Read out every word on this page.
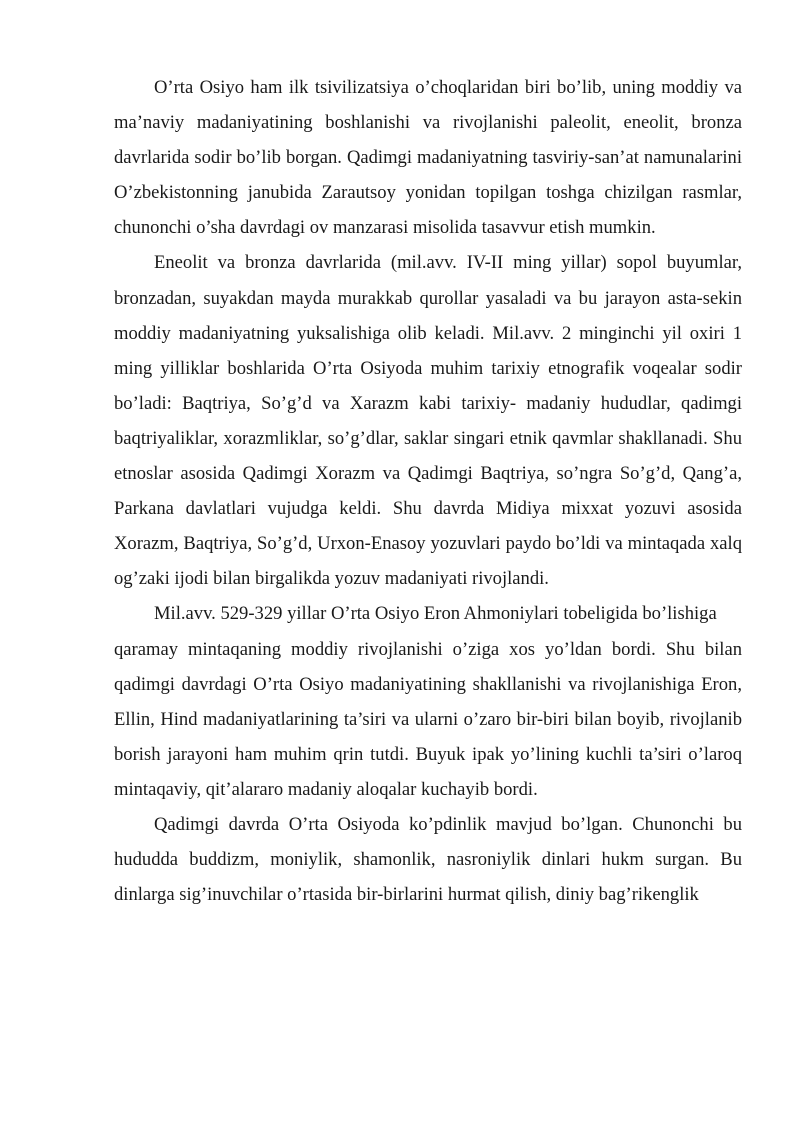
O’rta Osiyo ham ilk tsivilizatsiya o’choqlaridan biri bo’lib, uning moddiy va ma’naviy madaniyatining boshlanishi va rivojlanishi paleolit, eneolit, bronza davrlarida sodir bo’lib borgan. Qadimgi madaniyatning tasviriy-san’at namunalarini O’zbekistonning janubida Zarautsoy yonidan topilgan toshga chizilgan rasmlar, chunonchi o’sha davrdagi ov manzarasi misolida tasavvur etish mumkin.

Eneolit va bronza davrlarida (mil.avv. IV-II ming yillar) sopol buyumlar, bronzadan, suyakdan mayda murakkab qurollar yasaladi va bu jarayon asta-sekin moddiy madaniyatning yuksalishiga olib keladi. Mil.avv. 2 minginchi yil oxiri 1 ming yilliklar boshlarida O’rta Osiyoda muhim tarixiy etnografik voqealar sodir bo’ladi: Baqtriya, So’g’d va Xarazm kabi tarixiy- madaniy hududlar, qadimgi baqtriyaliklar, xorazmliklar, so’g’dlar, saklar singari etnik qavmlar shakllanadi. Shu etnoslar asosida Qadimgi Xorazm va Qadimgi Baqtriya, so’ngra So’g’d, Qang’a, Parkana davlatlari vujudga keldi. Shu davrda Midiya mixxat yozuvi asosida Xorazm, Baqtriya, So’g’d, Urxon-Enasoy yozuvlari paydo bo’ldi va mintaqada xalq og’zaki ijodi bilan birgalikda yozuv madaniyati rivojlandi.

Mil.avv. 529-329 yillar O’rta Osiyo Eron Ahmoniylari tobeligida bo’lishiga

qaramay mintaqaning moddiy rivojlanishi o’ziga xos yo’ldan bordi. Shu bilan qadimgi davrdagi O’rta Osiyo madaniyatining shakllanishi va rivojlanishiga Eron, Ellin, Hind madaniyatlarining ta’siri va ularni o’zaro bir-biri bilan boyib, rivojlanib borish jarayoni ham muhim qrin tutdi. Buyuk ipak yo’lining kuchli ta’siri o’laroq mintaqaviy, qit’alararo madaniy aloqalar kuchayib bordi.

Qadimgi davrda O’rta Osiyoda ko’pdinlik mavjud bo’lgan. Chunonchi bu hududda buddizm, moniylik, shamonlik, nasroniylik dinlari hukm surgan. Bu dinlarga sig’inuvchilar o’rtasida bir-birlarini hurmat qilish, diniy bag’rikenglik
